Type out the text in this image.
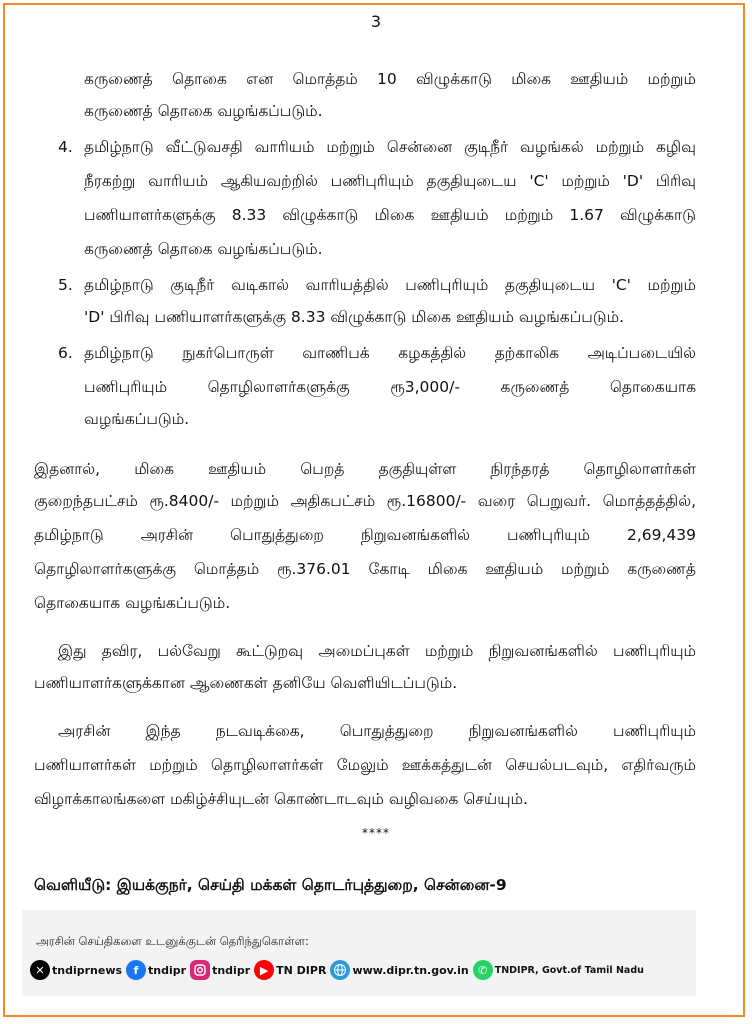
3
கருணைத் தொகை என மொத்தம் 10 விழுக்காடு மிகை ஊதியம் மற்றும்
கருணைத் தொகை வழங்கப்படும்.
4. தமிழ்நாடு வீட்டுவசதி வாரியம் மற்றும் சென்னை குடிநீர் வழங்கல் மற்றும் கழிவு
நீரகற்று வாரியம் ஆகியவற்றில் பணிபுரியும் தகுதியுடைய 'C' மற்றும் 'D' பிரிவு
பணியாளர்களுக்கு 8.33 விழுக்காடு மிகை ஊதியம் மற்றும் 1.67 விழுக்காடு
கருணைத் தொகை வழங்கப்படும்.
5. தமிழ்நாடு குடிநீர் வடிகால் வாரியத்தில் பணிபுரியும் தகுதியுடைய 'C' மற்றும்
'D' பிரிவு பணியாளர்களுக்கு 8.33 விழுக்காடு மிகை ஊதியம் வழங்கப்படும்.
6. தமிழ்நாடு நுகர்பொருள் வாணிபக் கழகத்தில் தற்காலிக அடிப்படையில்
பணிபுரியும் தொழிலாளர்களுக்கு ரூ3,000/- கருணைத் தொகையாக
வழங்கப்படும்.
இதனால், மிகை ஊதியம் பெறத் தகுதியுள்ள நிரந்தரத் தொழிலாளர்கள்
குறைந்தபட்சம் ரூ.8400/- மற்றும் அதிகபட்சம் ரூ.16800/- வரை பெறுவர். மொத்தத்தில்,
தமிழ்நாடு அரசின் பொதுத்துறை நிறுவனங்களில் பணிபுரியும் 2,69,439
தொழிலாளர்களுக்கு மொத்தம் ரூ.376.01 கோடி மிகை ஊதியம் மற்றும் கருணைத்
தொகையாக வழங்கப்படும்.
இது தவிர, பல்வேறு கூட்டுறவு அமைப்புகள் மற்றும் நிறுவனங்களில் பணிபுரியும்
பணியாளர்களுக்கான ஆணைகள் தனியே வெளியிடப்படும்.
அரசின் இந்த நடவடிக்கை, பொதுத்துறை நிறுவனங்களில் பணிபுரியும்
பணியாளர்கள் மற்றும் தொழிலாளர்கள் மேலும் ஊக்கத்துடன் செயல்படவும், எதிர்வரும்
விழாக்காலங்களை மகிழ்ச்சியுடன் கொண்டாடவும் வழிவகை செய்யும்.
****
வெளியீடு: இயக்குநர், செய்தி மக்கள் தொடர்புத்துறை, சென்னை-9
அரசின் செய்திகளை உடனுக்குடன் தெரிந்துகொள்ள:
✕ tndiprnews	f tndipr tndipr ▶ TN DIPR www.dipr.tn.gov.in ✆ TNDIPR, Govt.of Tamil Nadu
